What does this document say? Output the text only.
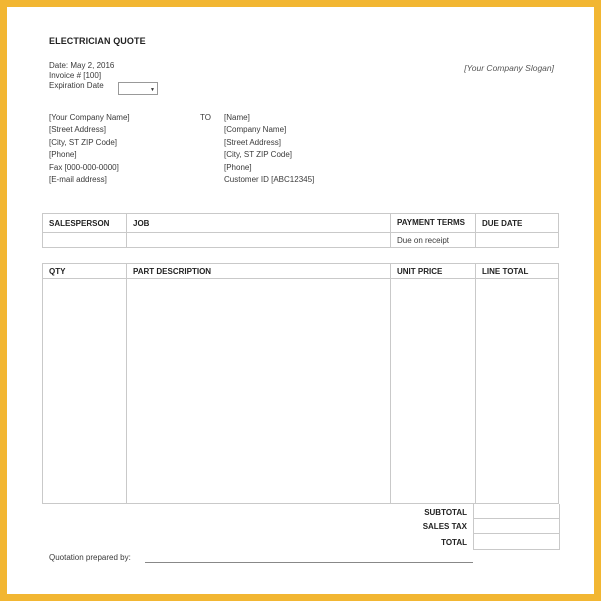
ELECTRICIAN QUOTE
Date: May 2, 2016
Invoice # [100]
Expiration Date	▼
[Your Company Slogan]
[Your Company Name]
[Street Address]
[City, ST ZIP Code]
[Phone]
Fax [000-000-0000]
[E-mail address]
TO [Name]
[Company Name]
[Street Address]
[City, ST ZIP Code]
[Phone]
Customer ID [ABC12345]
SALESPERSON	JOB	PAYMENT TERMS	DUE DATE
		Due on receipt	
QTY	PART DESCRIPTION	UNIT PRICE	LINE TOTAL

SUBTOTAL
SALES TAX
TOTAL
Quotation prepared by:
